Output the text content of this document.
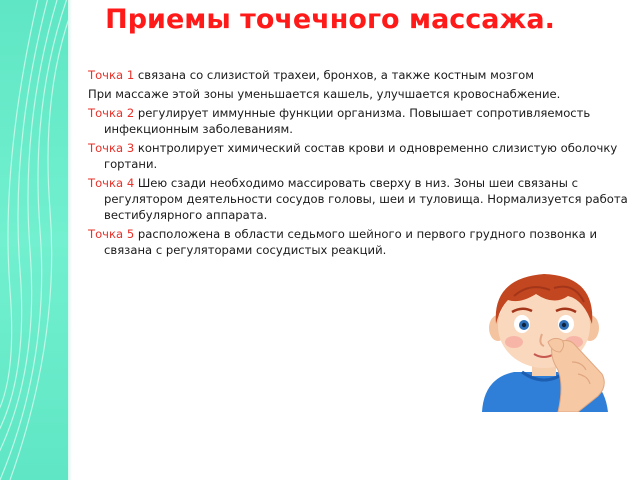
Приемы точечного массажа.

Точка 1 связана со слизистой трахеи, бронхов, а также костным мозгом

При массаже этой зоны уменьшается кашель, улучшается кровоснабжение.

Точка 2 регулирует иммунные функции организма. Повышает сопротивляемость инфекционным заболеваниям.

Точка 3 контролирует химический состав крови и одновременно слизистую оболочку гортани.

Точка 4 Шею сзади необходимо массировать сверху в низ. Зоны шеи связаны с регулятором деятельности сосудов головы, шеи и туловища. Нормализуется работа вестибулярного аппарата.

Точка 5 расположена в области седьмого шейного и первого грудного позвонка и связана с регуляторами сосудистых реакций.
